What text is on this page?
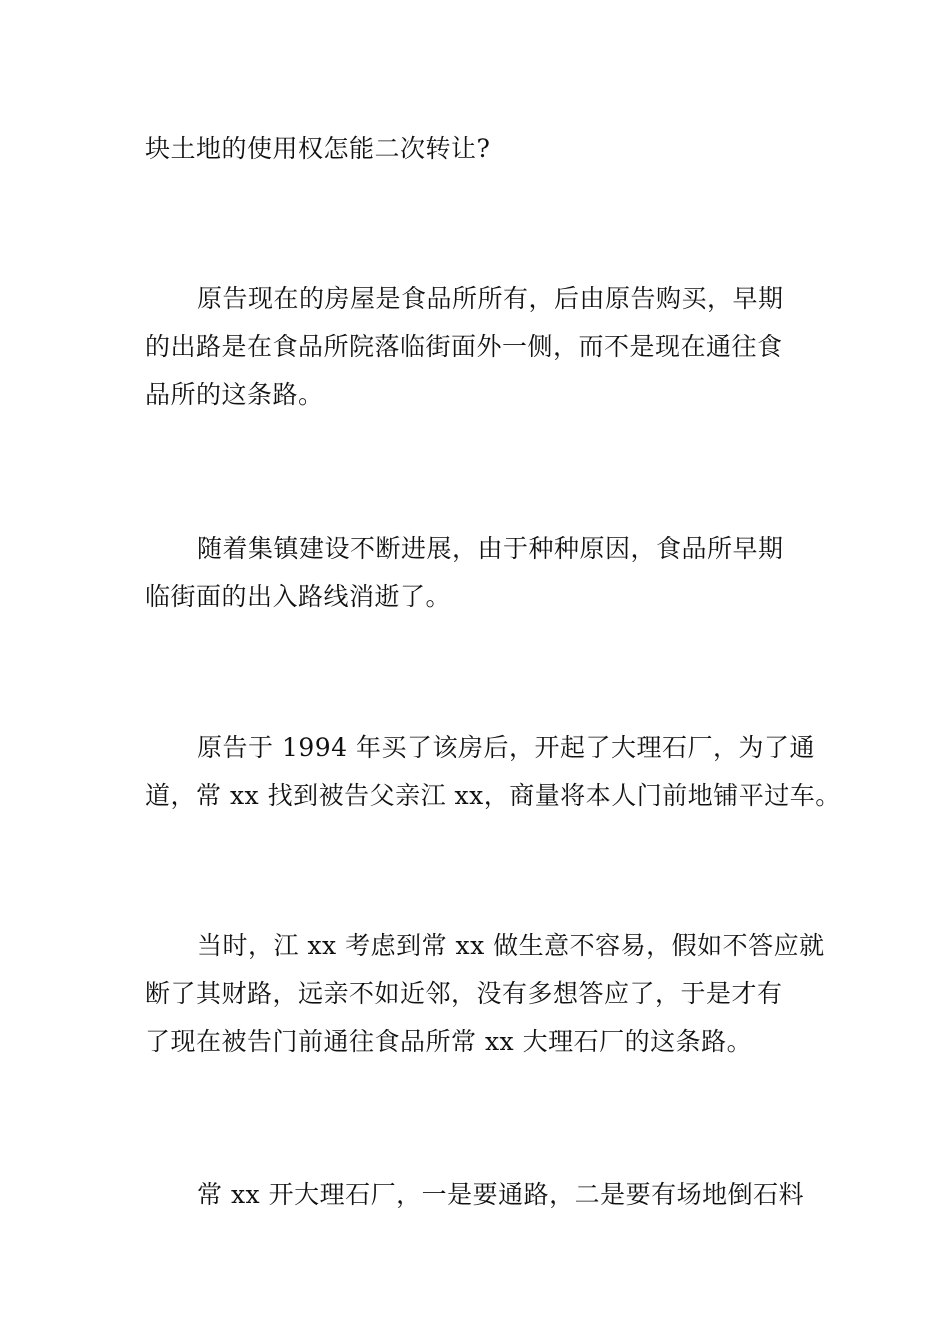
块土地的使用权怎能二次转让?
原告现在的房屋是食品所所有，后由原告购买，早期
的出路是在食品所院落临街面外一侧，而不是现在通往食
品所的这条路。
随着集镇建设不断进展，由于种种原因，食品所早期
临街面的出入路线消逝了。
原告于 1994 年买了该房后，开起了大理石厂，为了通
道，常 xx 找到被告父亲江 xx，商量将本人门前地铺平过车。
当时，江 xx 考虑到常 xx 做生意不容易，假如不答应就
断了其财路，远亲不如近邻，没有多想答应了，于是才有
了现在被告门前通往食品所常 xx 大理石厂的这条路。
常 xx 开大理石厂，一是要通路，二是要有场地倒石料
